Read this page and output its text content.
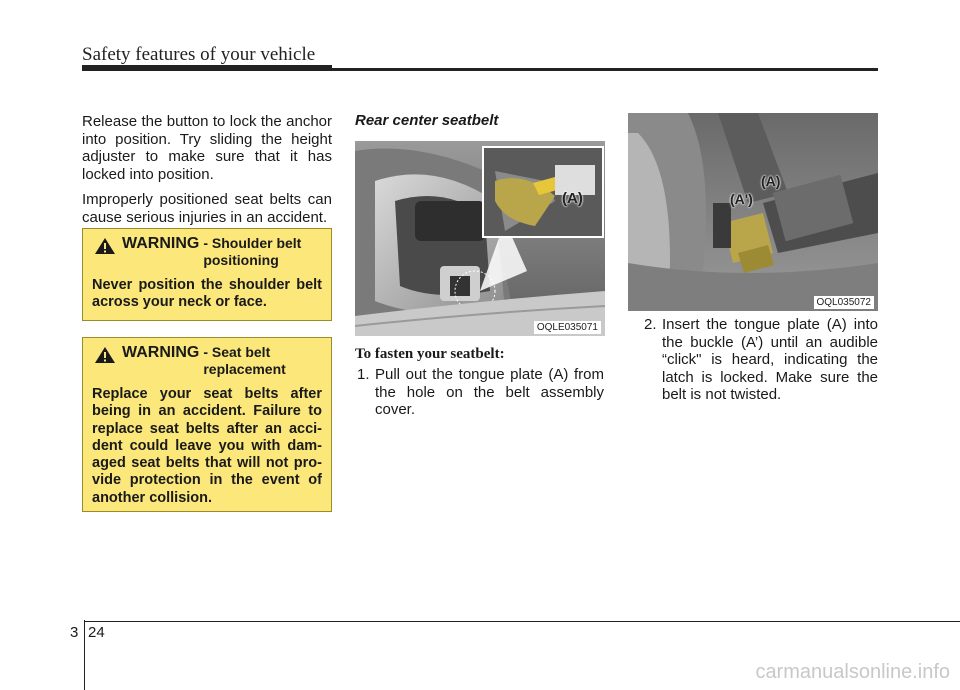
Safety features of your vehicle

Release the button to lock the anchor into position. Try sliding the height adjuster to make sure that it has locked into position.

Improperly positioned seat belts can cause serious injuries in an accident.

WARNING - Shoulder belt positioning
Never position the shoulder belt across your neck or face.
WARNING - Seat belt replacement
Replace your seat belts after being in an accident. Failure to replace seat belts after an acci-dent could leave you with dam-aged seat belts that will not pro-vide protection in the event of another collision.
Rear center seatbelt
(A)
OQLE035071
To fasten your seatbelt:
1. Pull out the tongue plate (A) from the hole on the belt assembly cover.
(A')
(A)
OQL035072
2. Insert the tongue plate (A) into the buckle (A’) until an audible “click" is heard, indicating the latch is locked. Make sure the belt is not twisted.
3 24
carmanualsonline.info
